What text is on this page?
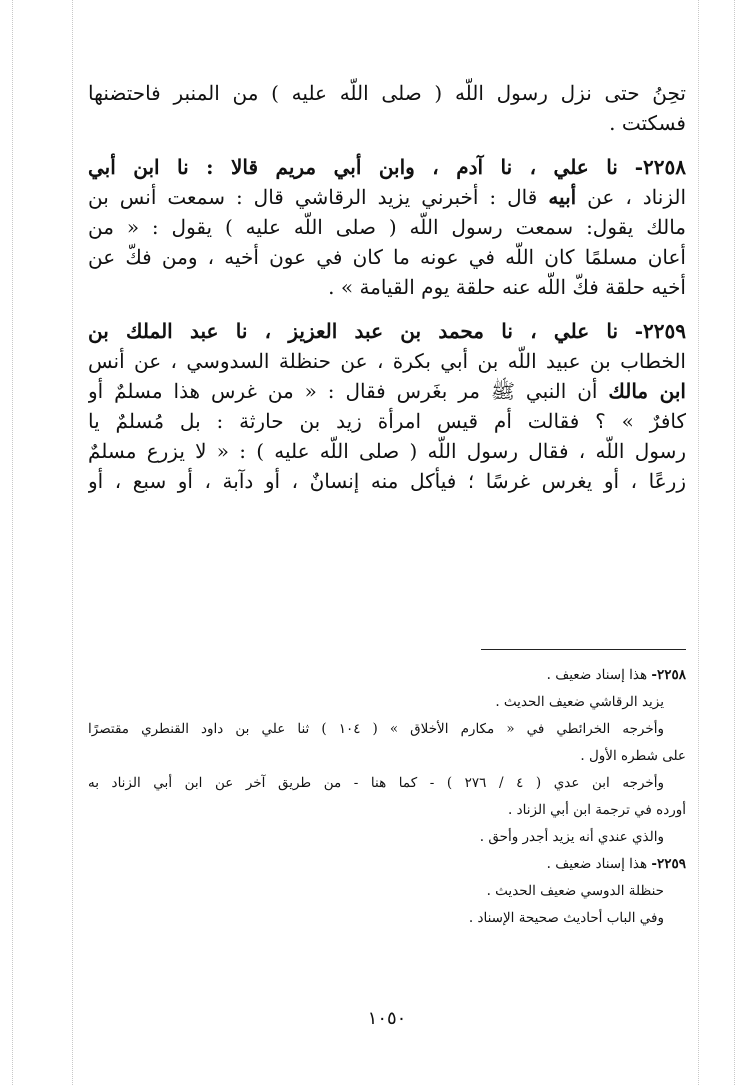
تحِنُ حتى نزل رسول اللّه ( صلى اللّه عليه ) من المنبر فاحتضنها
فسكتت .
٢٢٥٨- نا علي ، نا آدم ، وابن أبي مريم قالا : نا ابن أبي
الزناد ، عن أبيه قال : أخبرني يزيد الرقاشي قال : سمعت أنس بن
مالك يقول: سمعت رسول اللّه ( صلى اللّه عليه ) يقول : « من
أعان مسلمًا كان اللّه في عونه ما كان في عون أخيه ، ومن فكّ عن
أخيه حلقة فكّ اللّه عنه حلقة يوم القيامة » .
٢٢٥٩- نا علي ، نا محمد بن عبد العزيز ، نا عبد الملك بن
الخطاب بن عبيد اللّه بن أبي بكرة ، عن حنظلة السدوسي ، عن أنس
ابن مالك أن النبي ﷺ مر بغَرس فقال : « من غرس هذا مسلمٌ أو
كافرٌ » ؟ فقالت أم قيس امرأة زيد بن حارثة : بل مُسلمٌ يا
رسول اللّه ، فقال رسول اللّه ( صلى اللّه عليه ) : « لا يزرع مسلمٌ
زرعًا ، أو يغرس غرسًا ؛ فيأكل منه إنسانٌ ، أو دآبة ، أو سبع ، أو
٢٢٥٨- هذا إسناد ضعيف .
يزيد الرقاشي ضعيف الحديث .
وأخرجه الخرائطي في « مكارم الأخلاق » ( ١٠٤ ) ثنا علي بن داود القنطري مقتصرًا
على شطره الأول .
وأخرجه ابن عدي ( ٤ / ٢٧٦ ) - كما هنا - من طريق آخر عن ابن أبي الزناد به
أورده في ترجمة ابن أبي الزناد .
والذي عندي أنه يزيد أجدر وأحق .
٢٢٥٩- هذا إسناد ضعيف .
حنظلة الدوسي ضعيف الحديث .
وفي الباب أحاديث صحيحة الإسناد .
١٠٥٠
